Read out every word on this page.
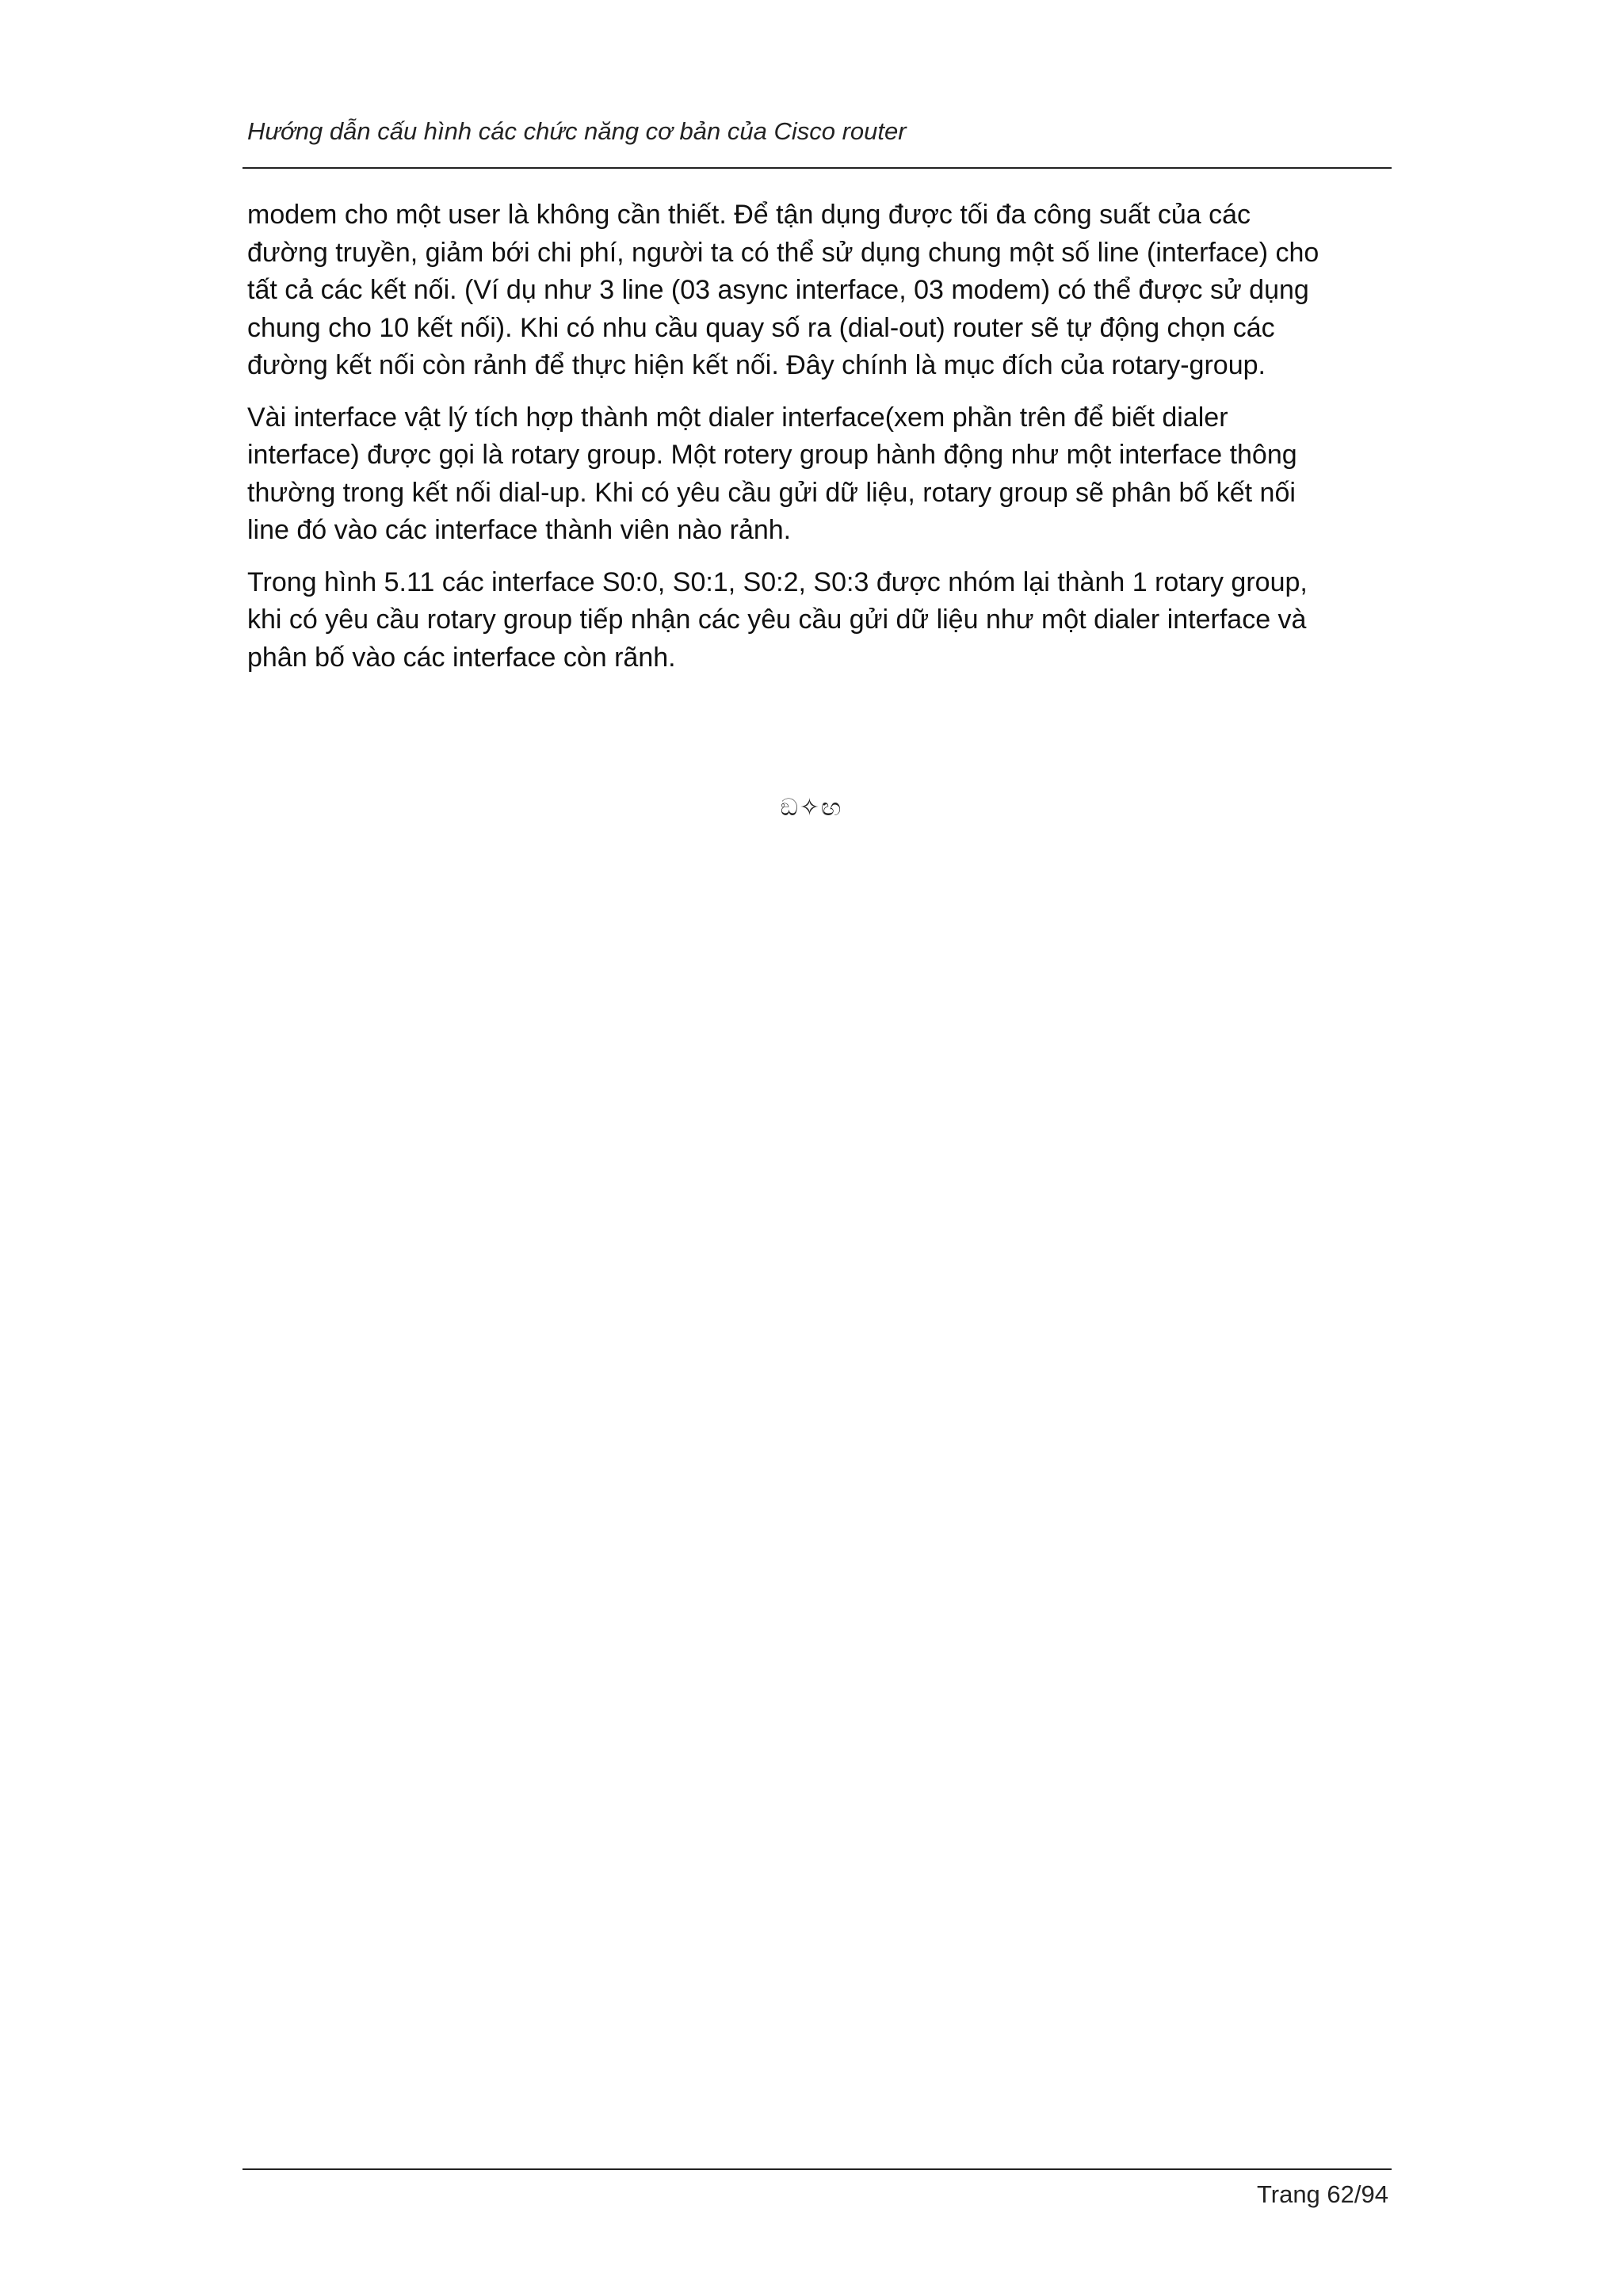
Hướng dẫn cấu hình các chức năng cơ bản của Cisco router

modem cho một user là không cần thiết. Để tận dụng được tối đa công suất của các
đường truyền, giảm bới chi phí, người ta có thể sử dụng chung một số line (interface) cho
tất cả các kết nối. (Ví dụ như 3 line (03 async interface, 03 modem) có thể được sử dụng
chung cho 10 kết nối). Khi có nhu cầu quay số ra (dial-out) router sẽ tự động chọn các
đường kết nối còn rảnh để thực hiện kết nối. Đây chính là mục đích của rotary-group.

Vài interface vật lý tích hợp thành một dialer interface(xem phần trên để biết dialer
interface) được gọi là rotary group. Một rotery group hành động như một interface thông
thường trong kết nối dial-up. Khi có yêu cầu gửi dữ liệu, rotary group sẽ phân bố kết nối
line đó vào các interface thành viên nào rảnh.

Trong hình 5.11 các interface S0:0, S0:1, S0:2, S0:3 được nhóm lại thành 1 rotary group,
khi có yêu cầu rotary group tiếp nhận các yêu cầu gửi dữ liệu như một dialer interface và
phân bố vào các interface còn rãnh.

ඞ✧ඟ
Trang 62/94
